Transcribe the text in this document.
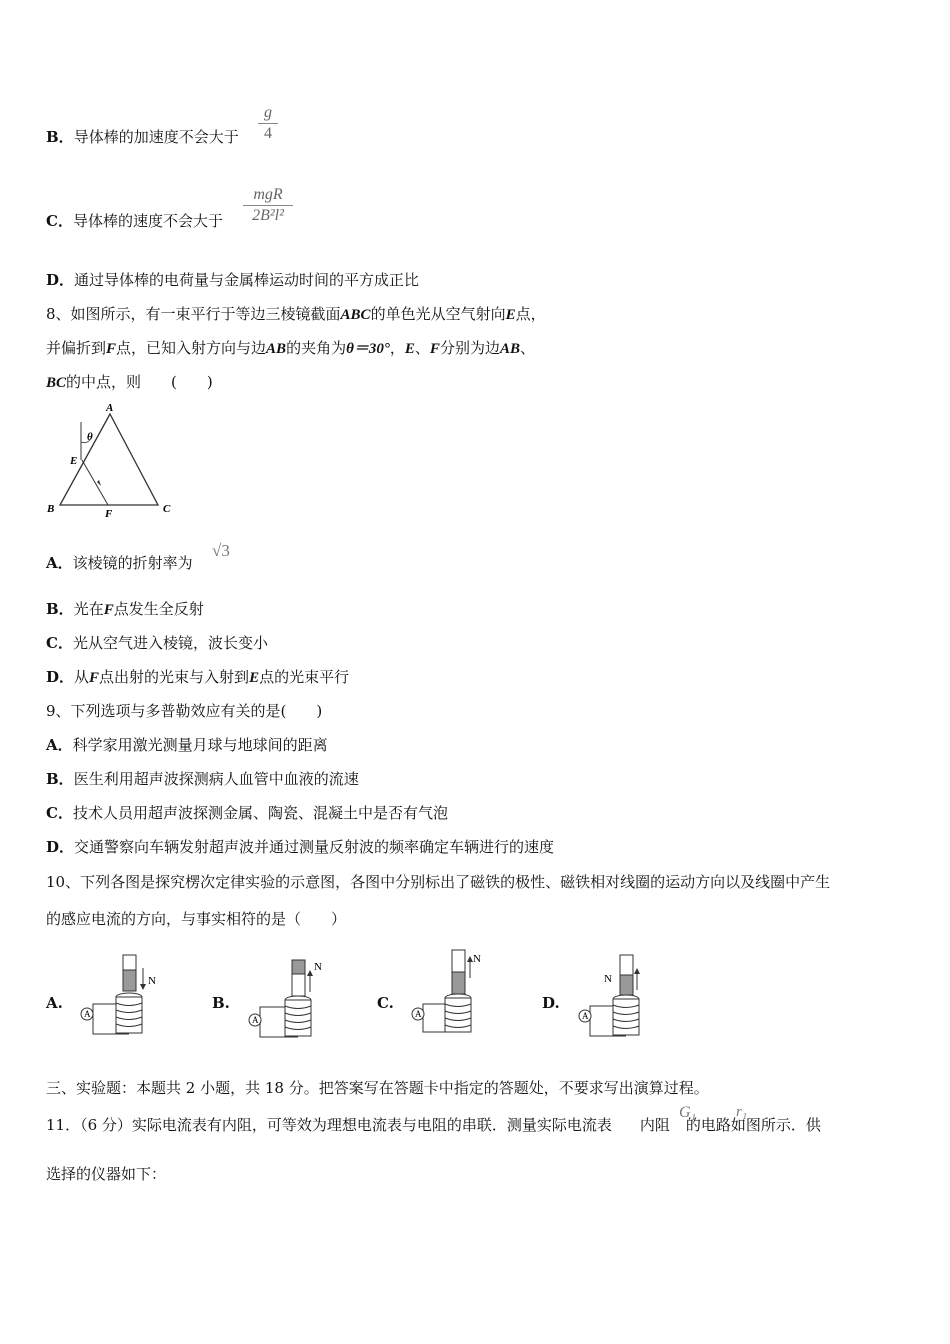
B．导体棒的加速度不会大于
g
4
C．导体棒的速度不会大于
mgR
2B²l²
D．通过导体棒的电荷量与金属棒运动时间的平方成正比
8、如图所示，有一束平行于等边三棱镜截面ABC的单色光从空气射向E点，
并偏折到F点，已知入射方向与边AB的夹角为θ＝30°，E、F分别为边AB、
BC的中点，则　　(　　)
A
B	C
E
F
θ
A．该棱镜的折射率为
√3
B．光在F点发生全反射
C．光从空气进入棱镜，波长变小
D．从F点出射的光束与入射到E点的光束平行
9、下列选项与多普勒效应有关的是(　　)
A．科学家用激光测量月球与地球间的距离
B．医生利用超声波探测病人血管中血液的流速
C．技术人员用超声波探测金属、陶瓷、混凝土中是否有气泡
D．交通警察向车辆发射超声波并通过测量反射波的频率确定车辆进行的速度
10、下列各图是探究楞次定律实验的示意图，各图中分别标出了磁铁的极性、磁铁相对线圈的运动方向以及线圈中产生
的感应电流的方向，与事实相符的是（　　）
A.
N
A
B.
N
A
C.
N
A
D.
N
A
三、实验题：本题共 2 小题，共 18 分。把答案写在答题卡中指定的答题处，不要求写出演算过程。
11．（6 分）实际电流表有内阻，可等效为理想电流表与电阻的串联．测量实际电流表 内阻 的电路如图所示．供
G₁	r₁
选择的仪器如下：
